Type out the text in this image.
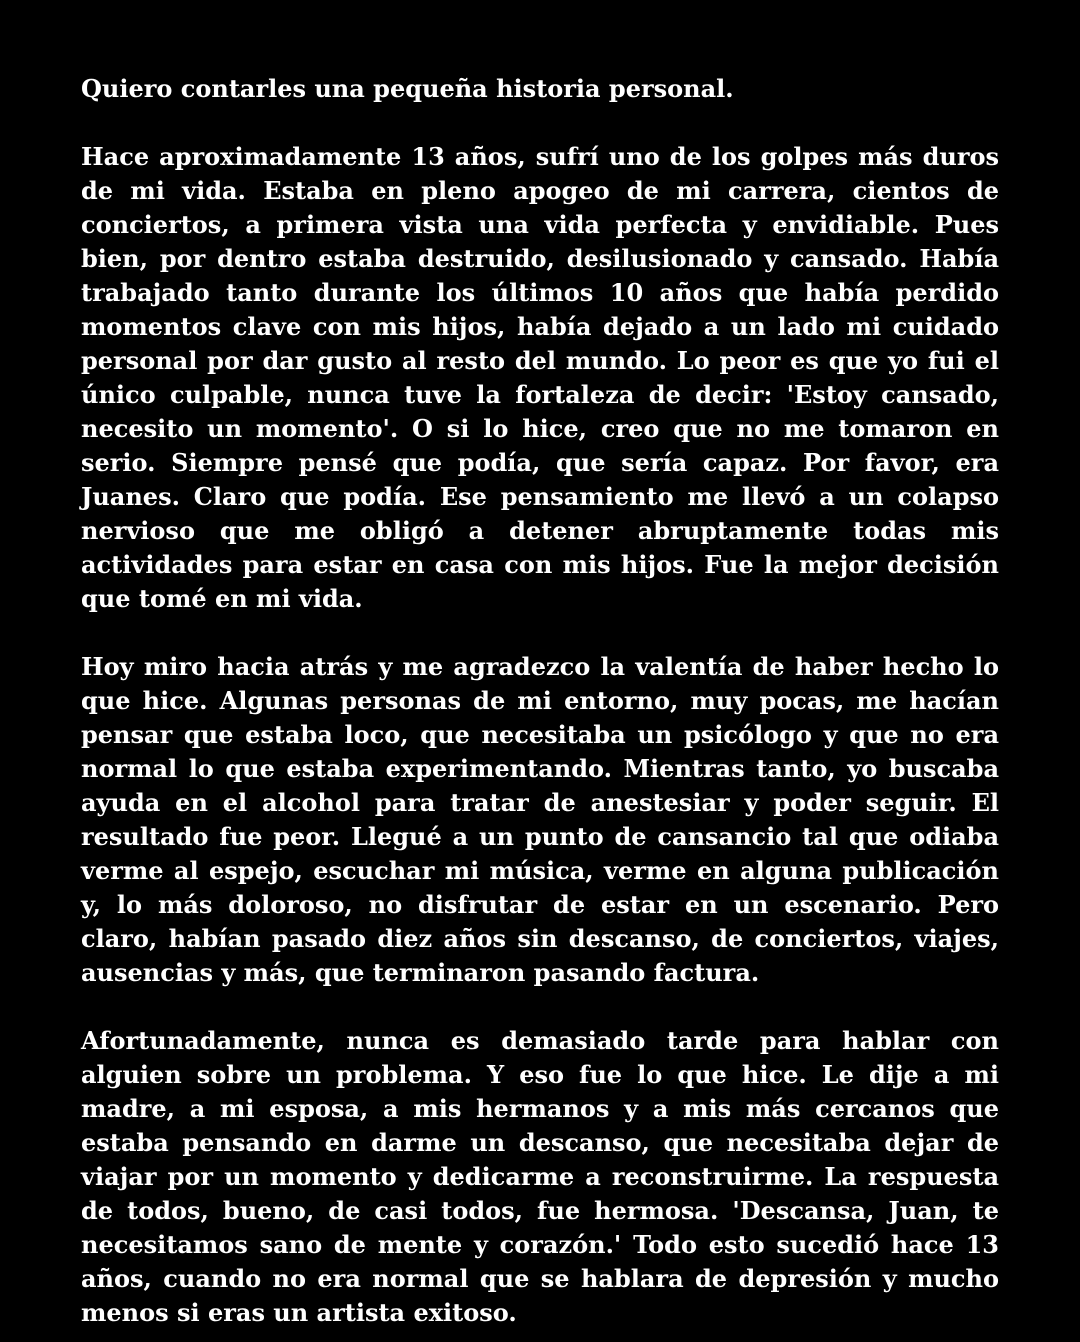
Quiero contarles una pequeña historia personal.

Hace aproximadamente 13 años, sufrí uno de los golpes más duros de mi vida. Estaba en pleno apogeo de mi carrera, cientos de conciertos, a primera vista una vida perfecta y envidiable. Pues bien, por dentro estaba destruido, desilusionado y cansado. Había trabajado tanto durante los últimos 10 años que había perdido momentos clave con mis hijos, había dejado a un lado mi cuidado personal por dar gusto al resto del mundo. Lo peor es que yo fui el único culpable, nunca tuve la fortaleza de decir: 'Estoy cansado, necesito un momento'. O si lo hice, creo que no me tomaron en serio. Siempre pensé que podía, que sería capaz. Por favor, era Juanes. Claro que podía. Ese pensamiento me llevó a un colapso nervioso que me obligó a detener abruptamente todas mis actividades para estar en casa con mis hijos. Fue la mejor decisión que tomé en mi vida.

Hoy miro hacia atrás y me agradezco la valentía de haber hecho lo que hice. Algunas personas de mi entorno, muy pocas, me hacían pensar que estaba loco, que necesitaba un psicólogo y que no era normal lo que estaba experimentando. Mientras tanto, yo buscaba ayuda en el alcohol para tratar de anestesiar y poder seguir. El resultado fue peor. Llegué a un punto de cansancio tal que odiaba verme al espejo, escuchar mi música, verme en alguna publicación y, lo más doloroso, no disfrutar de estar en un escenario. Pero claro, habían pasado diez años sin descanso, de conciertos, viajes, ausencias y más, que terminaron pasando factura.

Afortunadamente, nunca es demasiado tarde para hablar con alguien sobre un problema. Y eso fue lo que hice. Le dije a mi madre, a mi esposa, a mis hermanos y a mis más cercanos que estaba pensando en darme un descanso, que necesitaba dejar de viajar por un momento y dedicarme a reconstruirme. La respuesta de todos, bueno, de casi todos, fue hermosa. 'Descansa, Juan, te necesitamos sano de mente y corazón.' Todo esto sucedió hace 13 años, cuando no era normal que se hablara de depresión y mucho menos si eras un artista exitoso.
